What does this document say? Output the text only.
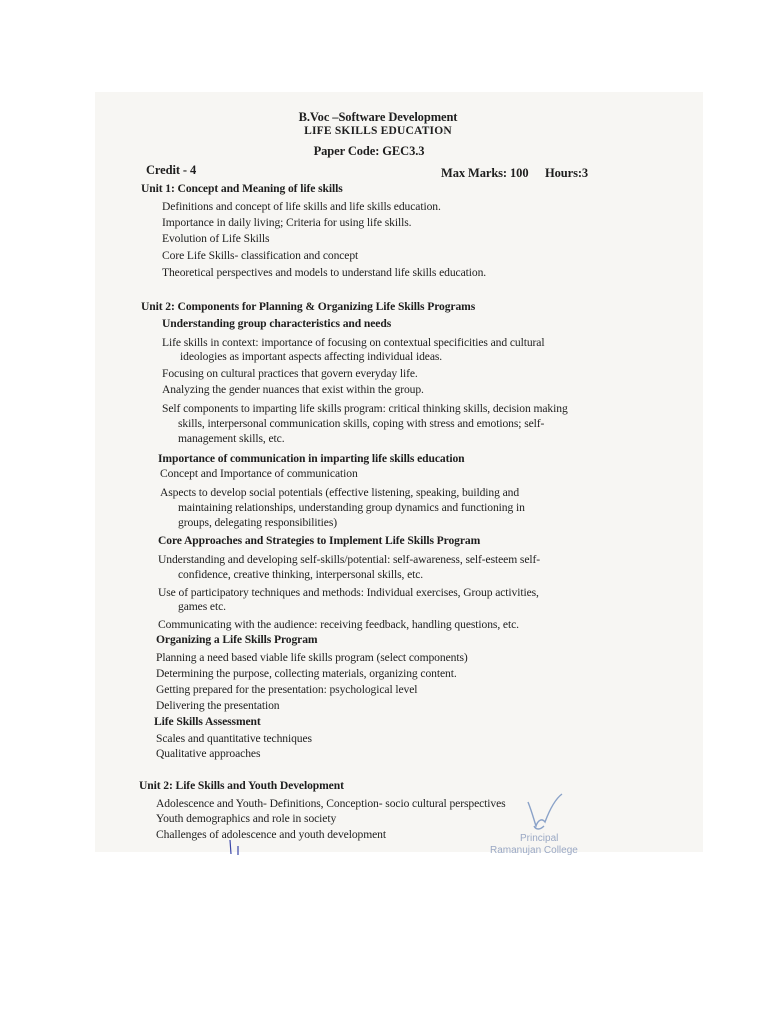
B.Voc –Software Development
LIFE SKILLS EDUCATION
Paper Code: GEC3.3
Credit - 4	Max Marks: 100 Hours:3
Unit 1: Concept and Meaning of life skills
Definitions and concept of life skills and life skills education.
Importance in daily living; Criteria for using life skills.
Evolution of Life Skills
Core Life Skills- classification and concept
Theoretical perspectives and models to understand life skills education.
Unit 2: Components for Planning & Organizing Life Skills Programs
Understanding group characteristics and needs
Life skills in context: importance of focusing on contextual specificities and cultural
ideologies as important aspects affecting individual ideas.
Focusing on cultural practices that govern everyday life.
Analyzing the gender nuances that exist within the group.
Self components to imparting life skills program: critical thinking skills, decision making
skills, interpersonal communication skills, coping with stress and emotions; self-
management skills, etc.
Importance of communication in imparting life skills education
Concept and Importance of communication
Aspects to develop social potentials (effective listening, speaking, building and
maintaining relationships, understanding group dynamics and functioning in
groups, delegating responsibilities)
Core Approaches and Strategies to Implement Life Skills Program
Understanding and developing self-skills/potential: self-awareness, self-esteem self-
confidence, creative thinking, interpersonal skills, etc.
Use of participatory techniques and methods: Individual exercises, Group activities,
games etc.
Communicating with the audience: receiving feedback, handling questions, etc.
Organizing a Life Skills Program
Planning a need based viable life skills program (select components)
Determining the purpose, collecting materials, organizing content.
Getting prepared for the presentation: psychological level
Delivering the presentation
Life Skills Assessment
Scales and quantitative techniques
Qualitative approaches
Unit 2: Life Skills and Youth Development
Adolescence and Youth- Definitions, Conception- socio cultural perspectives
Youth demographics and role in society
Challenges of adolescence and youth development	Principal
Ramanujan College
